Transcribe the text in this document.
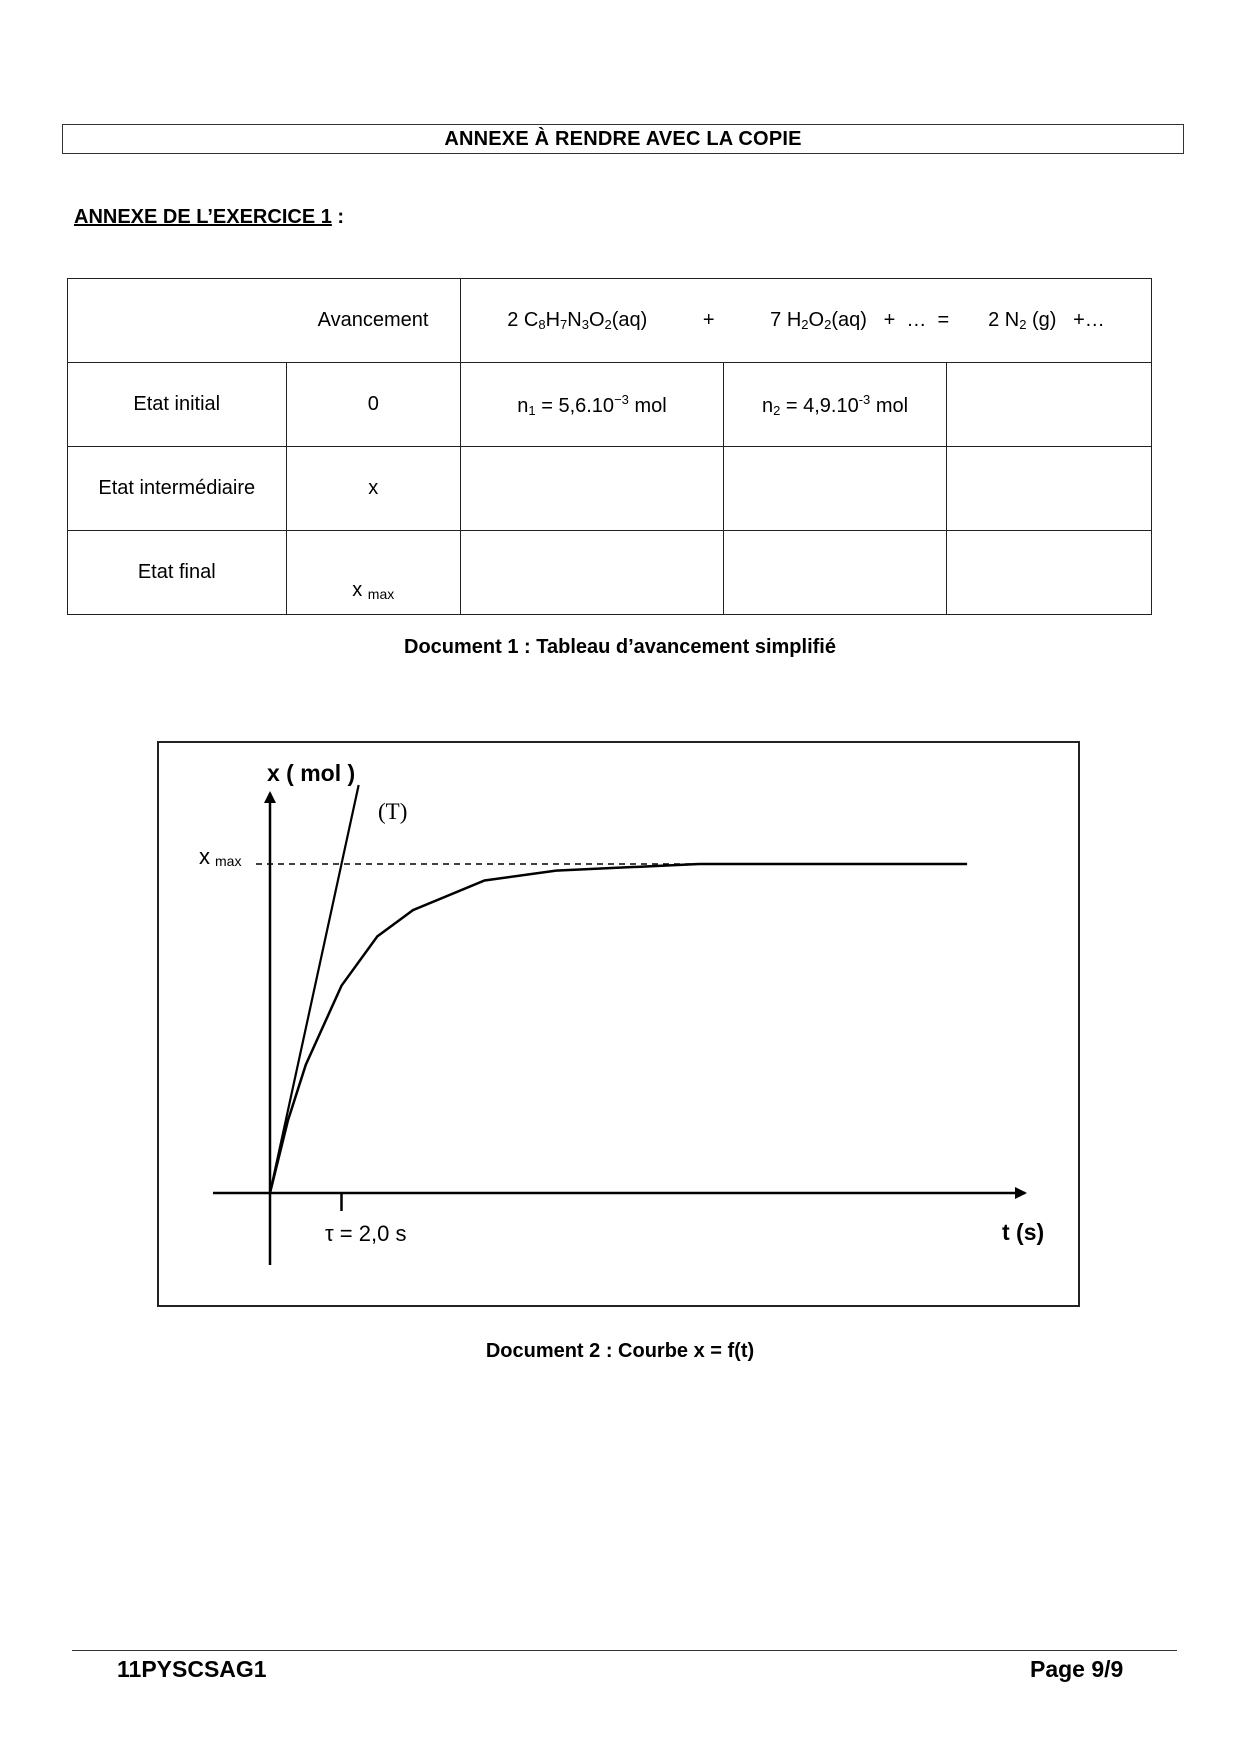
ANNEXE À RENDRE AVEC LA COPIE
ANNEXE DE L’EXERCICE 1 :
	Avancement	2 $C_8H_7N_3O_2(aq) + 7$ $H_2O_2(aq)$ +  …  = 2 $N_2$ (g) +…		
Etat initial	0	$n_1 = 5,6.10^{-3}$ mol	$n_2 = 4,9.10^{-3}$ mol	
Etat intermédiaire	x			
Etat final	x $_{max}$

Document 1 : Tableau d’avancement simplifié
x ( mol )
(T)
xmax
τ = 2,0 s	t (s)
Document 2 : Courbe x = f(t)
11PYSCSAG1	Page 9/9
